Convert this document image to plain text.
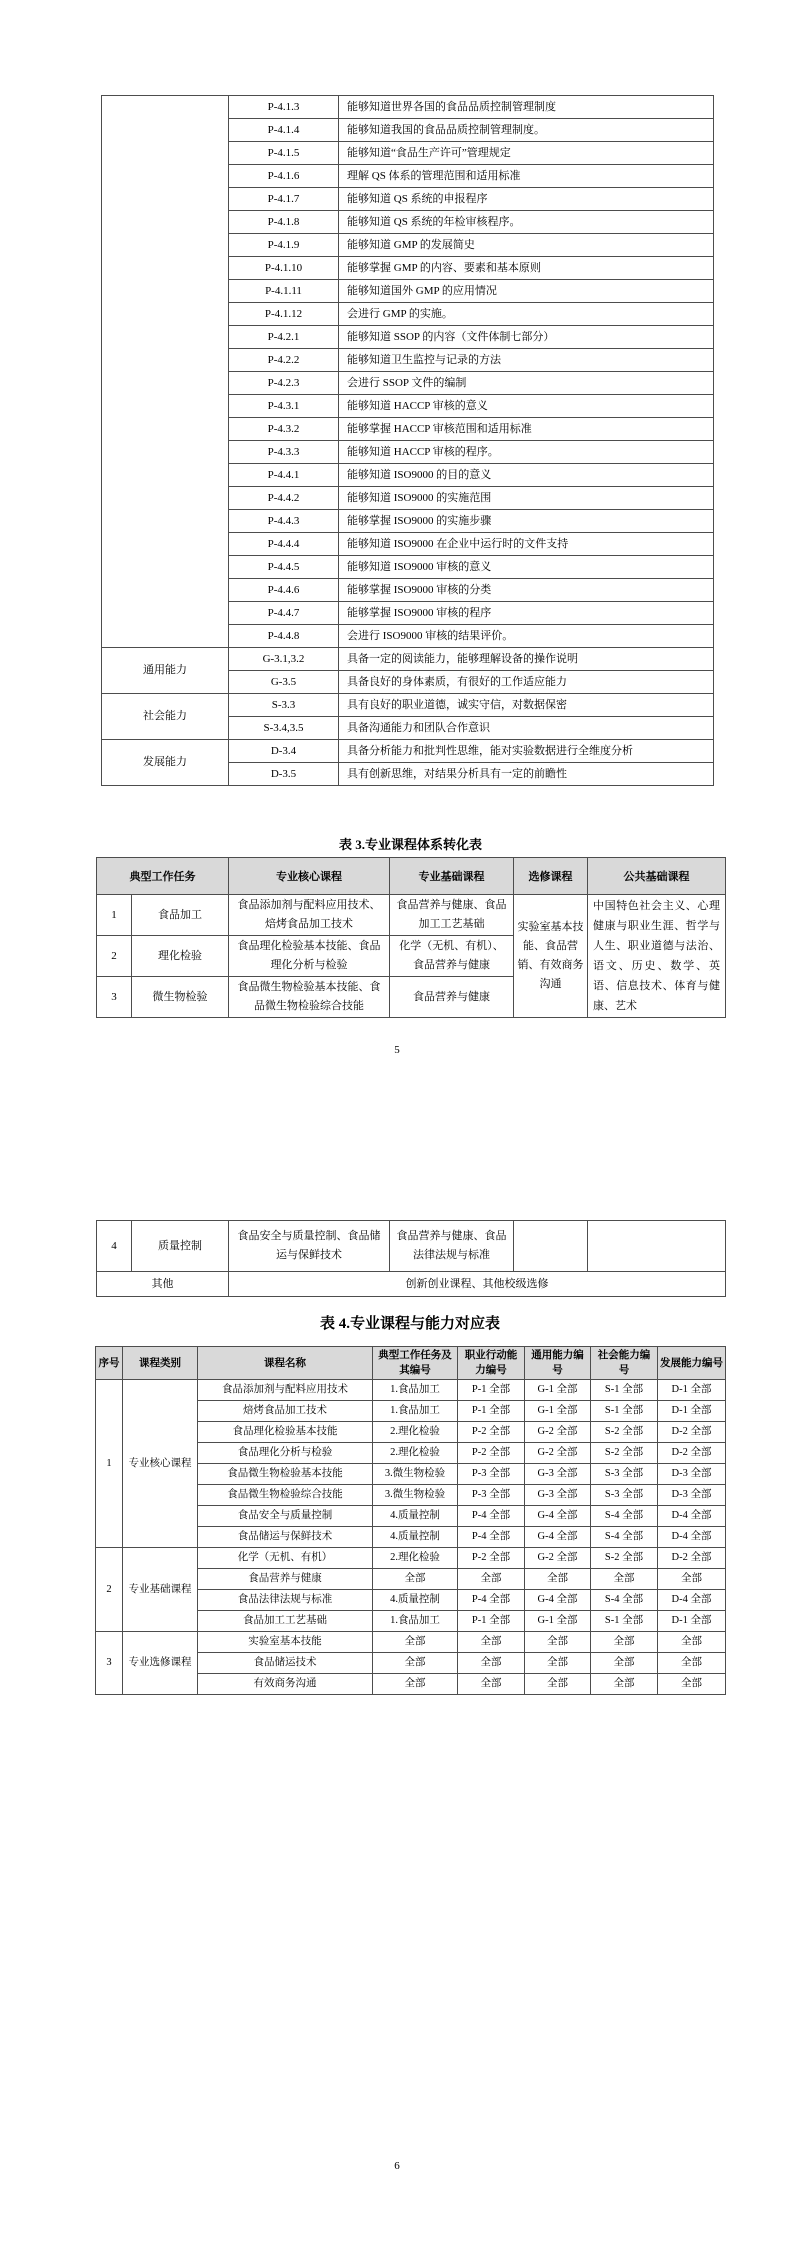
	P-4.1.3	能够知道世界各国的食品品质控制管理制度
	P-4.1.4	能够知道我国的食品品质控制管理制度。
	P-4.1.5	能够知道“食品生产许可”管理规定
	P-4.1.6	理解 QS 体系的管理范围和适用标准
	P-4.1.7	能够知道 QS 系统的申报程序
	P-4.1.8	能够知道 QS 系统的年检审核程序。
	P-4.1.9	能够知道 GMP 的发展简史
	P-4.1.10	能够掌握 GMP 的内容、要素和基本原则
	P-4.1.11	能够知道国外 GMP 的应用情况
	P-4.1.12	会进行 GMP 的实施。
	P-4.2.1	能够知道 SSOP 的内容（文件体制七部分）
	P-4.2.2	能够知道卫生监控与记录的方法
	P-4.2.3	会进行 SSOP 文件的编制
	P-4.3.1	能够知道 HACCP 审核的意义
	P-4.3.2	能够掌握 HACCP 审核范围和适用标准
	P-4.3.3	能够知道 HACCP 审核的程序。
	P-4.4.1	能够知道 ISO9000 的目的意义
	P-4.4.2	能够知道 ISO9000 的实施范围
	P-4.4.3	能够掌握 ISO9000 的实施步骤
	P-4.4.4	能够知道 ISO9000 在企业中运行时的文件支持
	P-4.4.5	能够知道 ISO9000 审核的意义
	P-4.4.6	能够掌握 ISO9000 审核的分类
	P-4.4.7	能够掌握 ISO9000 审核的程序
	P-4.4.8	会进行 ISO9000 审核的结果评价。
通用能力	G-3.1,3.2	具备一定的阅读能力，能够理解设备的操作说明
	G-3.5	具备良好的身体素质，有很好的工作适应能力
社会能力	S-3.3	具有良好的职业道德，诚实守信，对数据保密
	S-3.4,3.5	具备沟通能力和团队合作意识
发展能力	D-3.4	具备分析能力和批判性思维，能对实验数据进行全维度分析
	D-3.5	具有创新思维，对结果分析具有一定的前瞻性
表 3.专业课程体系转化表
典型工作任务		专业核心课程	专业基础课程	选修课程	公共基础课程
1	食品加工	食品添加剂与配料应用技术、焙烤食品加工技术	食品营养与健康、食品加工工艺基础	实验室基本技能、食品营销、有效商务沟通	中国特色社会主义、心理健康与职业生涯、哲学与人生、职业道德与法治、语文、历史、数学、英语、信息技术、体育与健康、艺术
2	理化检验	食品理化检验基本技能、食品理化分析与检验	化学（无机、有机）、食品营养与健康		
3	微生物检验	食品微生物检验基本技能、食品微生物检验综合技能	食品营养与健康		
5
4	质量控制	食品安全与质量控制、食品储运与保鲜技术	食品营养与健康、食品法律法规与标准		
其他		创新创业课程、其他校级选修			
表 4.专业课程与能力对应表
序号	课程类别	课程名称	典型工作任务及其编号	职业行动能力编号	通用能力编号	社会能力编号	发展能力编号
1	专业核心课程	食品添加剂与配料应用技术	1.食品加工	P-1 全部	G-1 全部	S-1 全部	D-1 全部
		焙烤食品加工技术	1.食品加工	P-1 全部	G-1 全部	S-1 全部	D-1 全部
		食品理化检验基本技能	2.理化检验	P-2 全部	G-2 全部	S-2 全部	D-2 全部
		食品理化分析与检验	2.理化检验	P-2 全部	G-2 全部	S-2 全部	D-2 全部
		食品微生物检验基本技能	3.微生物检验	P-3 全部	G-3 全部	S-3 全部	D-3 全部
		食品微生物检验综合技能	3.微生物检验	P-3 全部	G-3 全部	S-3 全部	D-3 全部
		食品安全与质量控制	4.质量控制	P-4 全部	G-4 全部	S-4 全部	D-4 全部
		食品储运与保鲜技术	4.质量控制	P-4 全部	G-4 全部	S-4 全部	D-4 全部
2	专业基础课程	化学（无机、有机）	2.理化检验	P-2 全部	G-2 全部	S-2 全部	D-2 全部
		食品营养与健康	全部	全部	全部	全部	全部
		食品法律法规与标准	4.质量控制	P-4 全部	G-4 全部	S-4 全部	D-4 全部
		食品加工工艺基础	1.食品加工	P-1 全部	G-1 全部	S-1 全部	D-1 全部
3	专业选修课程	实验室基本技能	全部	全部	全部	全部	全部
		食品储运技术	全部	全部	全部	全部	全部
		有效商务沟通	全部	全部	全部	全部	全部
6
